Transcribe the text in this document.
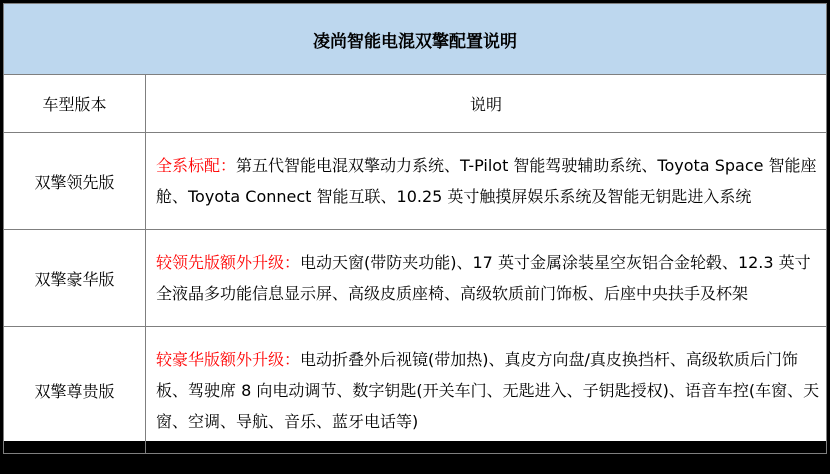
凌尚智能电混双擎配置说明	
车型版本	说明
双擎领先版	全系标配：第五代智能电混双擎动力系统、T-Pilot 智能驾驶辅助系统、Toyota Space 智能座舱、Toyota Connect 智能互联、10.25 英寸触摸屏娱乐系统及智能无钥匙进入系统
双擎豪华版	较领先版额外升级：电动天窗(带防夹功能)、17 英寸金属涂装星空灰铝合金轮毂、12.3 英寸全液晶多功能信息显示屏、高级皮质座椅、高级软质前门饰板、后座中央扶手及杯架
双擎尊贵版	较豪华版额外升级：电动折叠外后视镜(带加热)、真皮方向盘/真皮换挡杆、高级软质后门饰板、驾驶席 8 向电动调节、数字钥匙(开关车门、无匙进入、子钥匙授权)、语音车控(车窗、天窗、空调、导航、音乐、蓝牙电话等)
